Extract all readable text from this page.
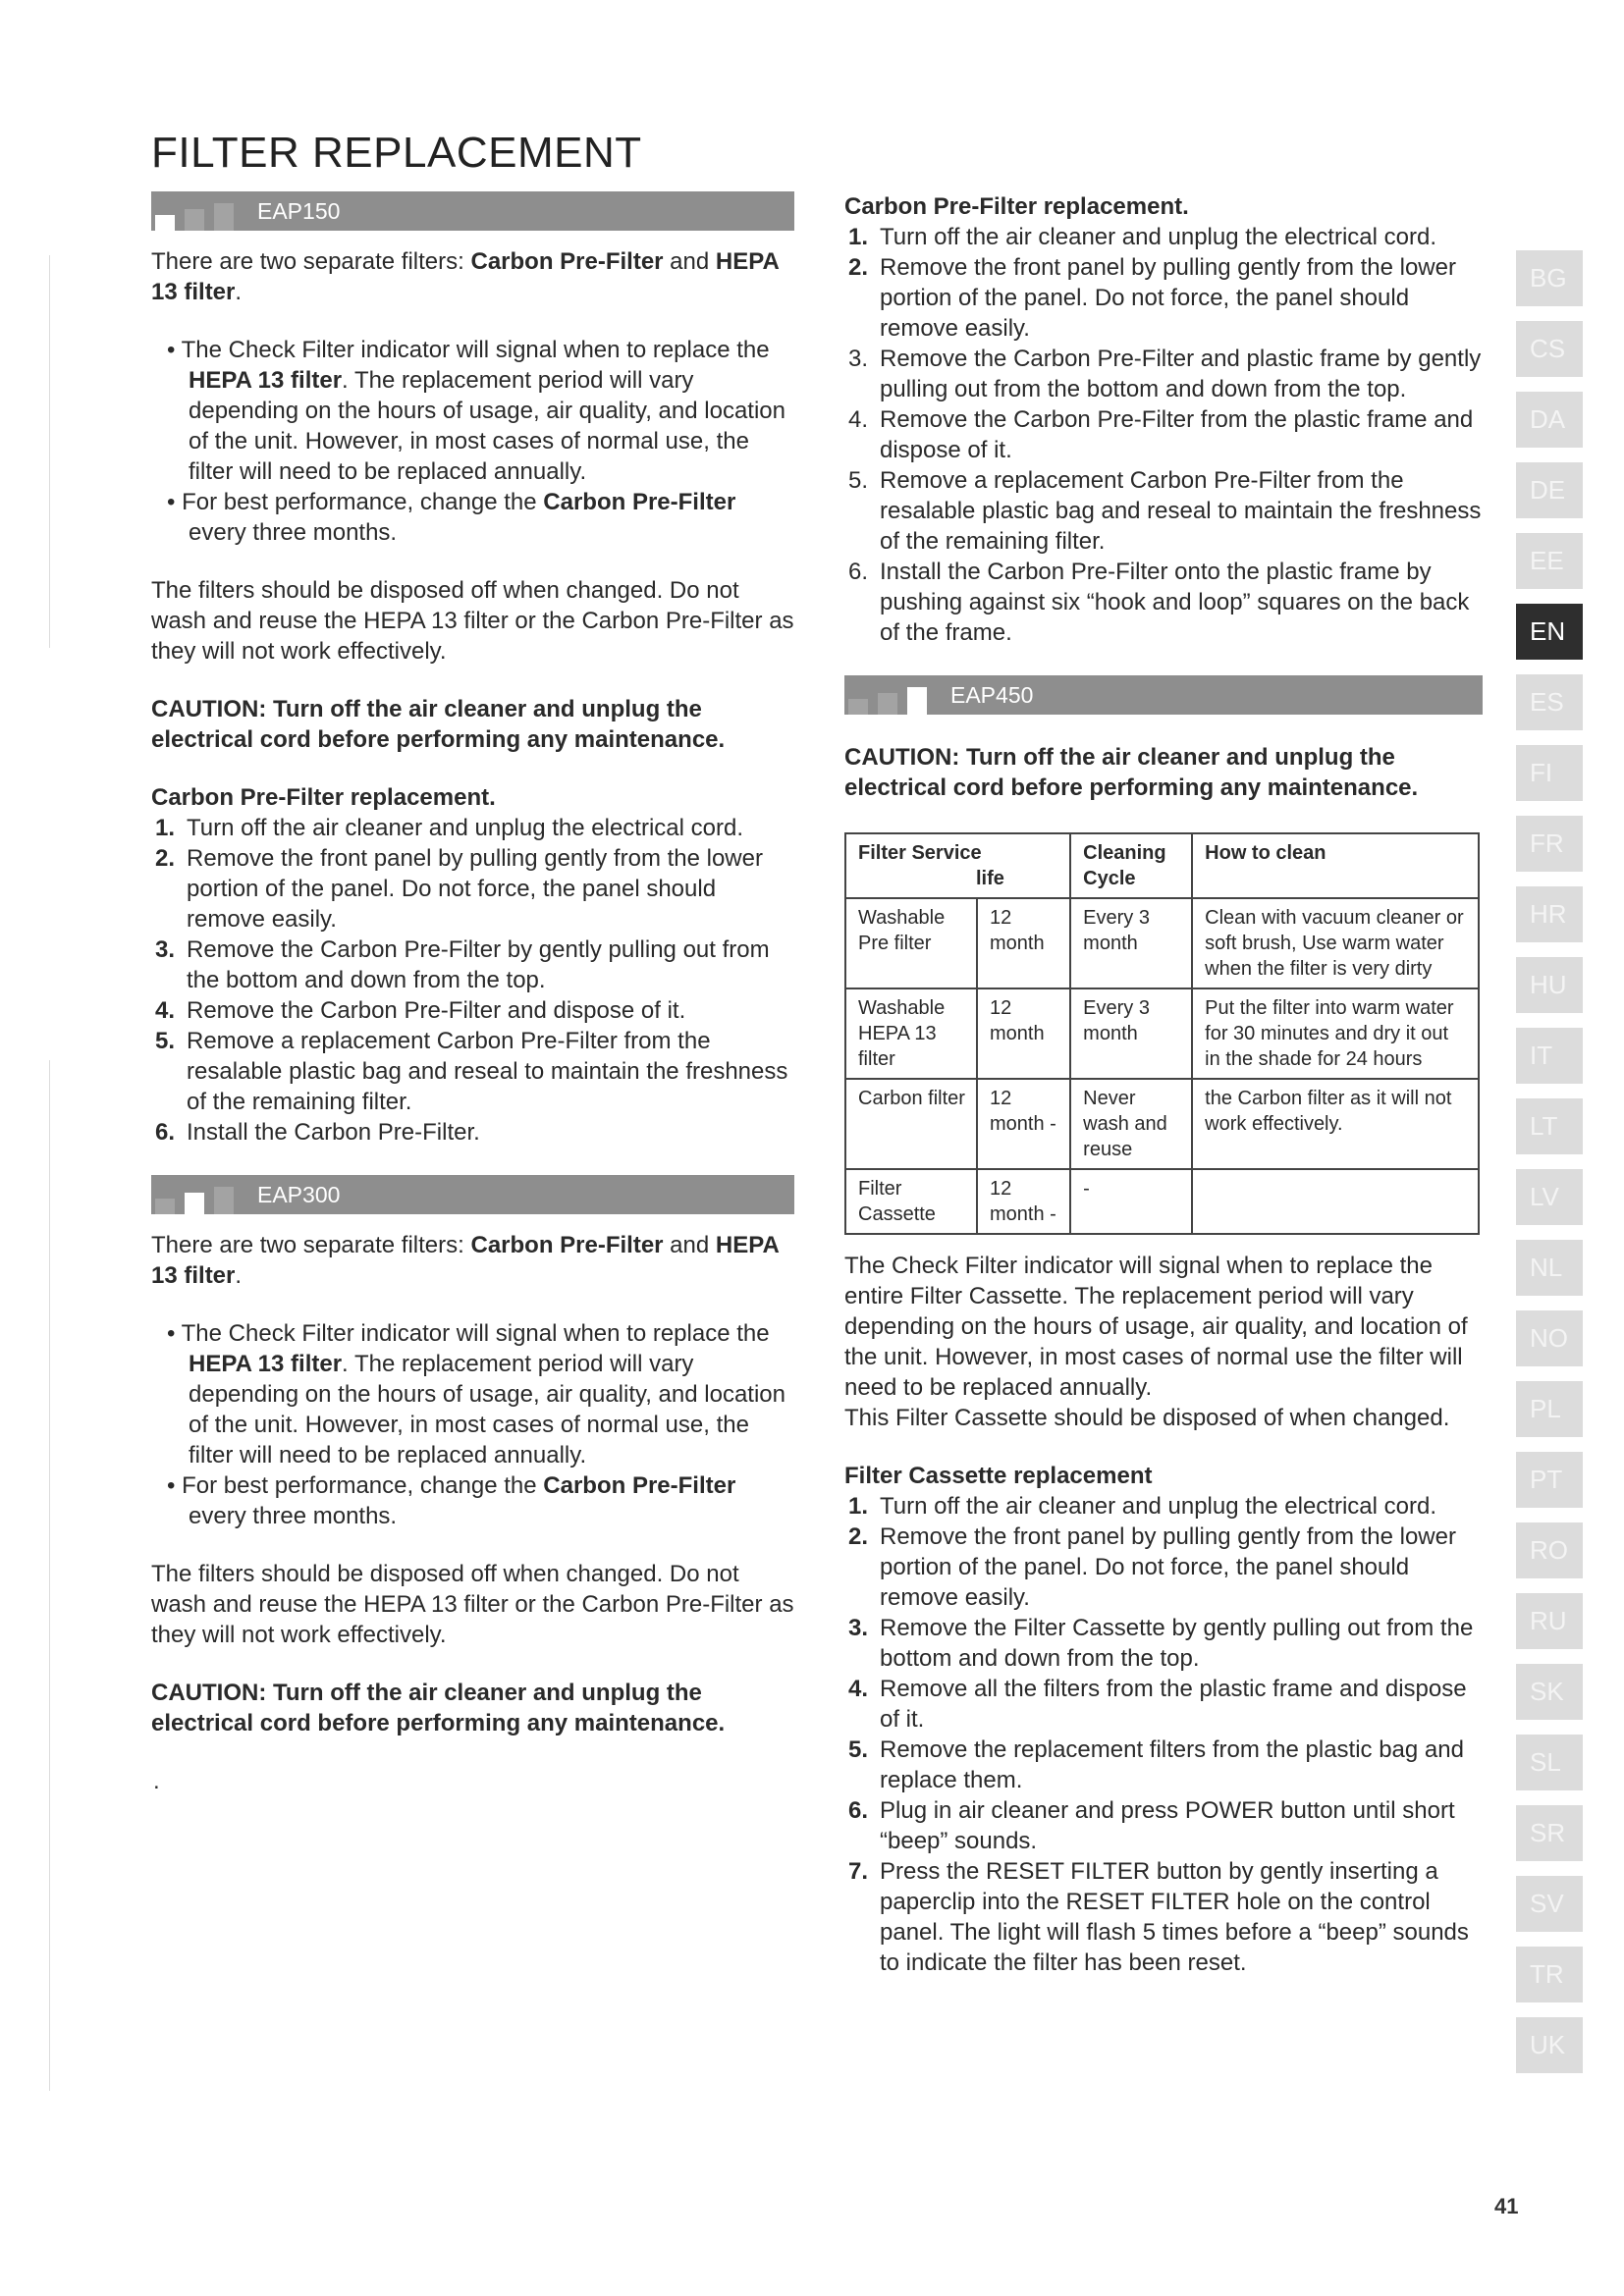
FILTER REPLACEMENT
EAP150

There are two separate filters: Carbon Pre-Filter and HEPA 13 filter.

• The Check Filter indicator will signal when to replace the HEPA 13 filter. The replacement period will vary depending on the hours of usage, air quality, and location of the unit. However, in most cases of normal use, the filter will need to be replaced annually.
• For best performance, change the Carbon Pre-Filter every three months.

The filters should be disposed off when changed. Do not wash and reuse the HEPA 13 filter or the Carbon Pre-Filter as they will not work effectively.

CAUTION: Turn off the air cleaner and unplug the electrical cord before performing any maintenance.

Carbon Pre-Filter replacement.

1. Turn off the air cleaner and unplug the electrical cord.
2. Remove the front panel by pulling gently from the lower portion of the panel. Do not force, the panel should remove easily.
3. Remove the Carbon Pre-Filter by gently pulling out from the bottom and down from the top.
4. Remove the Carbon Pre-Filter and dispose of it.
5. Remove a replacement Carbon Pre-Filter from the resalable plastic bag and reseal to maintain the freshness of the remaining filter.
6. Install the Carbon Pre-Filter.
EAP300

There are two separate filters: Carbon Pre-Filter and HEPA 13 filter.

• The Check Filter indicator will signal when to replace the HEPA 13 filter. The replacement period will vary depending on the hours of usage, air quality, and location of the unit. However, in most cases of normal use, the filter will need to be replaced annually.
• For best performance, change the Carbon Pre-Filter every three months.

The filters should be disposed off when changed. Do not wash and reuse the HEPA 13 filter or the Carbon Pre-Filter as they will not work effectively.

CAUTION: Turn off the air cleaner and unplug the electrical cord before performing any maintenance.

.

Carbon Pre-Filter replacement.

1. Turn off the air cleaner and unplug the electrical cord.
2. Remove the front panel by pulling gently from the lower portion of the panel. Do not force, the panel should remove easily.
3. Remove the Carbon Pre-Filter and plastic frame by gently pulling out from the bottom and down from the top.
4. Remove the Carbon Pre-Filter from the plastic frame and dispose of it.
5. Remove a replacement Carbon Pre-Filter from the resalable plastic bag and reseal to maintain the freshness of the remaining filter.
6. Install the Carbon Pre-Filter onto the plastic frame by pushing against six “hook and loop” squares on the back of the frame.
EAP450

CAUTION: Turn off the air cleaner and unplug the electrical cord before performing any maintenance.

Filter Service
life		Cleaning Cycle	How to clean
Washable Pre filter	12 month	Every 3 month	Clean with vacuum cleaner or soft brush, Use warm water when the filter is very dirty
Washable HEPA 13 filter	12 month	Every 3 month	Put the filter into warm water for 30 minutes and dry it out in the shade for 24 hours
Carbon filter	12 month -	Never wash and reuse	the Carbon filter as it will not work effectively.
Filter Cassette	12 month -	-	

The Check Filter indicator will signal when to replace the entire Filter Cassette. The replacement period will vary depending on the hours of usage, air quality, and location of the unit. However, in most cases of normal use the filter will need to be replaced annually.

This Filter Cassette should be disposed of when changed.

Filter Cassette replacement

1. Turn off the air cleaner and unplug the electrical cord.
2. Remove the front panel by pulling gently from the lower portion of the panel. Do not force, the panel should remove easily.
3. Remove the Filter Cassette by gently pulling out from the bottom and down from the top.
4. Remove all the filters from the plastic frame and dispose of it.
5. Remove the replacement filters from the plastic bag and replace them.
6. Plug in air cleaner and press POWER button until short “beep” sounds.
7. Press the RESET FILTER button by gently inserting a paperclip into the RESET FILTER hole on the control panel. The light will flash 5 times before a “beep” sounds to indicate the filter has been reset.
BG
CS
DA
DE
EE
EN
ES
FI
FR
HR
HU
IT
LT
LV
NL
NO
PL
PT
RO
RU
SK
SL
SR
SV
TR
UK
41
